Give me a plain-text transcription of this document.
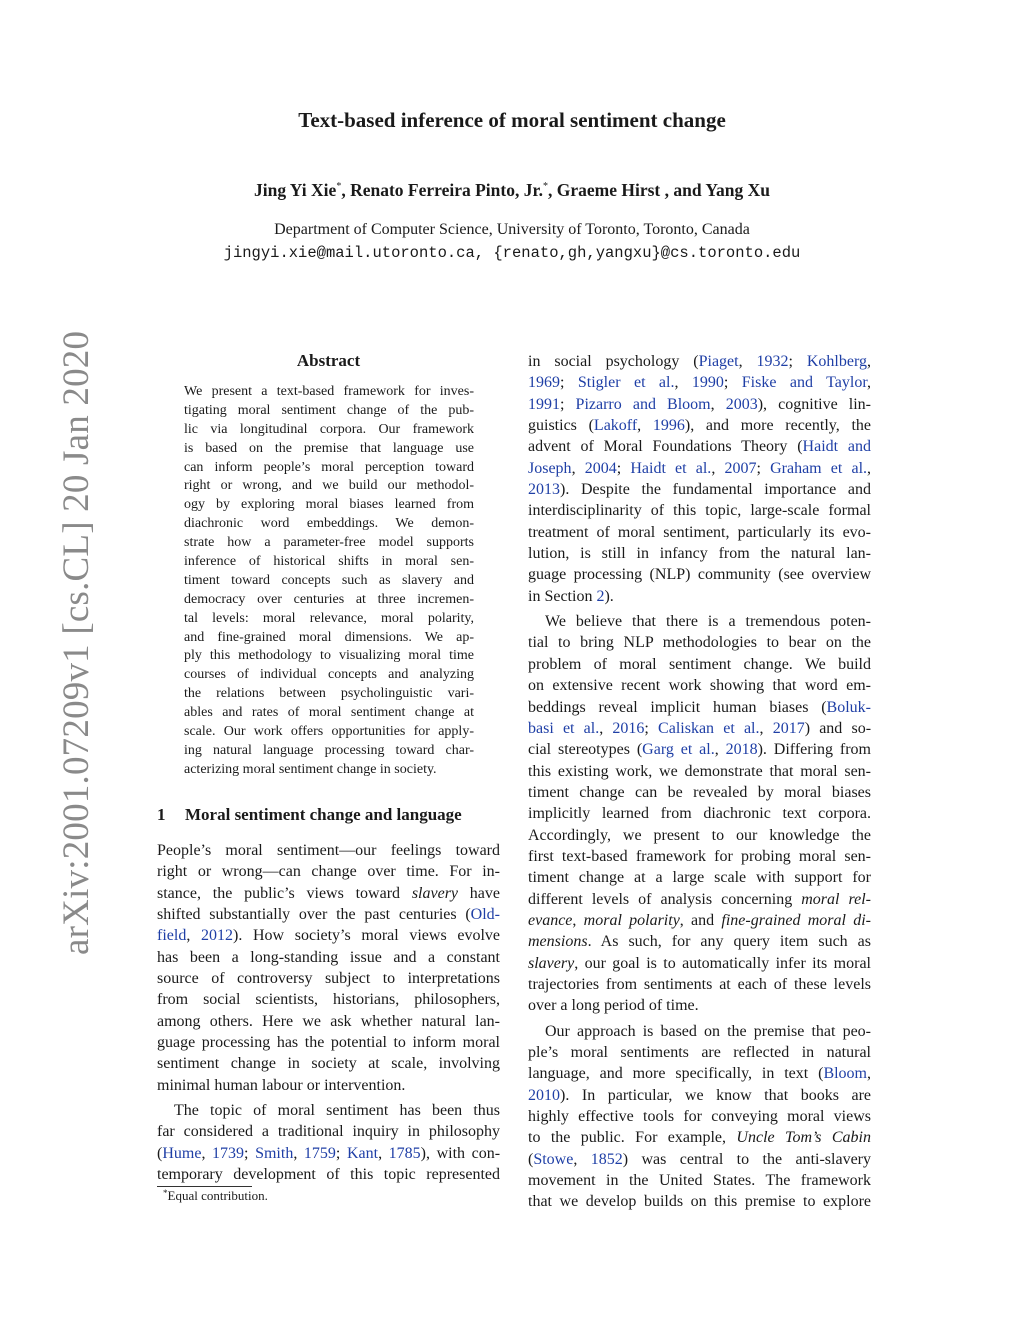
arXiv:2001.07209v1 [cs.CL] 20 Jan 2020
Text-based inference of moral sentiment change
Jing Yi Xie*, Renato Ferreira Pinto, Jr.*, Graeme Hirst , and Yang Xu
Department of Computer Science, University of Toronto, Toronto, Canada
jingyi.xie@mail.utoronto.ca, {renato,gh,yangxu}@cs.toronto.edu
Abstract
We present a text-based framework for inves-
tigating moral sentiment change of the pub-
lic via longitudinal corpora. Our framework
is based on the premise that language use
can inform people’s moral perception toward
right or wrong, and we build our methodol-
ogy by exploring moral biases learned from
diachronic word embeddings. We demon-
strate how a parameter-free model supports
inference of historical shifts in moral sen-
timent toward concepts such as slavery and
democracy over centuries at three incremen-
tal levels: moral relevance, moral polarity,
and fine-grained moral dimensions. We ap-
ply this methodology to visualizing moral time
courses of individual concepts and analyzing
the relations between psycholinguistic vari-
ables and rates of moral sentiment change at
scale. Our work offers opportunities for apply-
ing natural language processing toward char-
acterizing moral sentiment change in society.
1 Moral sentiment change and language
People’s moral sentiment—our feelings toward
right or wrong—can change over time. For in-
stance, the public’s views toward slavery have
shifted substantially over the past centuries (Old-
field, 2012). How society’s moral views evolve
has been a long-standing issue and a constant
source of controversy subject to interpretations
from social scientists, historians, philosophers,
among others. Here we ask whether natural lan-
guage processing has the potential to inform moral
sentiment change in society at scale, involving
minimal human labour or intervention.
The topic of moral sentiment has been thus
far considered a traditional inquiry in philosophy
(Hume, 1739; Smith, 1759; Kant, 1785), with con-
temporary development of this topic represented
in social psychology (Piaget, 1932; Kohlberg,
1969; Stigler et al., 1990; Fiske and Taylor,
1991; Pizarro and Bloom, 2003), cognitive lin-
guistics (Lakoff, 1996), and more recently, the
advent of Moral Foundations Theory (Haidt and
Joseph, 2004; Haidt et al., 2007; Graham et al.,
2013). Despite the fundamental importance and
interdisciplinarity of this topic, large-scale formal
treatment of moral sentiment, particularly its evo-
lution, is still in infancy from the natural lan-
guage processing (NLP) community (see overview
in Section 2).
We believe that there is a tremendous poten-
tial to bring NLP methodologies to bear on the
problem of moral sentiment change. We build
on extensive recent work showing that word em-
beddings reveal implicit human biases (Boluk-
basi et al., 2016; Caliskan et al., 2017) and so-
cial stereotypes (Garg et al., 2018). Differing from
this existing work, we demonstrate that moral sen-
timent change can be revealed by moral biases
implicitly learned from diachronic text corpora.
Accordingly, we present to our knowledge the
first text-based framework for probing moral sen-
timent change at a large scale with support for
different levels of analysis concerning moral rel-
evance, moral polarity, and fine-grained moral di-
mensions. As such, for any query item such as
slavery, our goal is to automatically infer its moral
trajectories from sentiments at each of these levels
over a long period of time.
Our approach is based on the premise that peo-
ple’s moral sentiments are reflected in natural
language, and more specifically, in text (Bloom,
2010). In particular, we know that books are
highly effective tools for conveying moral views
to the public. For example, Uncle Tom’s Cabin
(Stowe, 1852) was central to the anti-slavery
movement in the United States. The framework
that we develop builds on this premise to explore
*Equal contribution.
